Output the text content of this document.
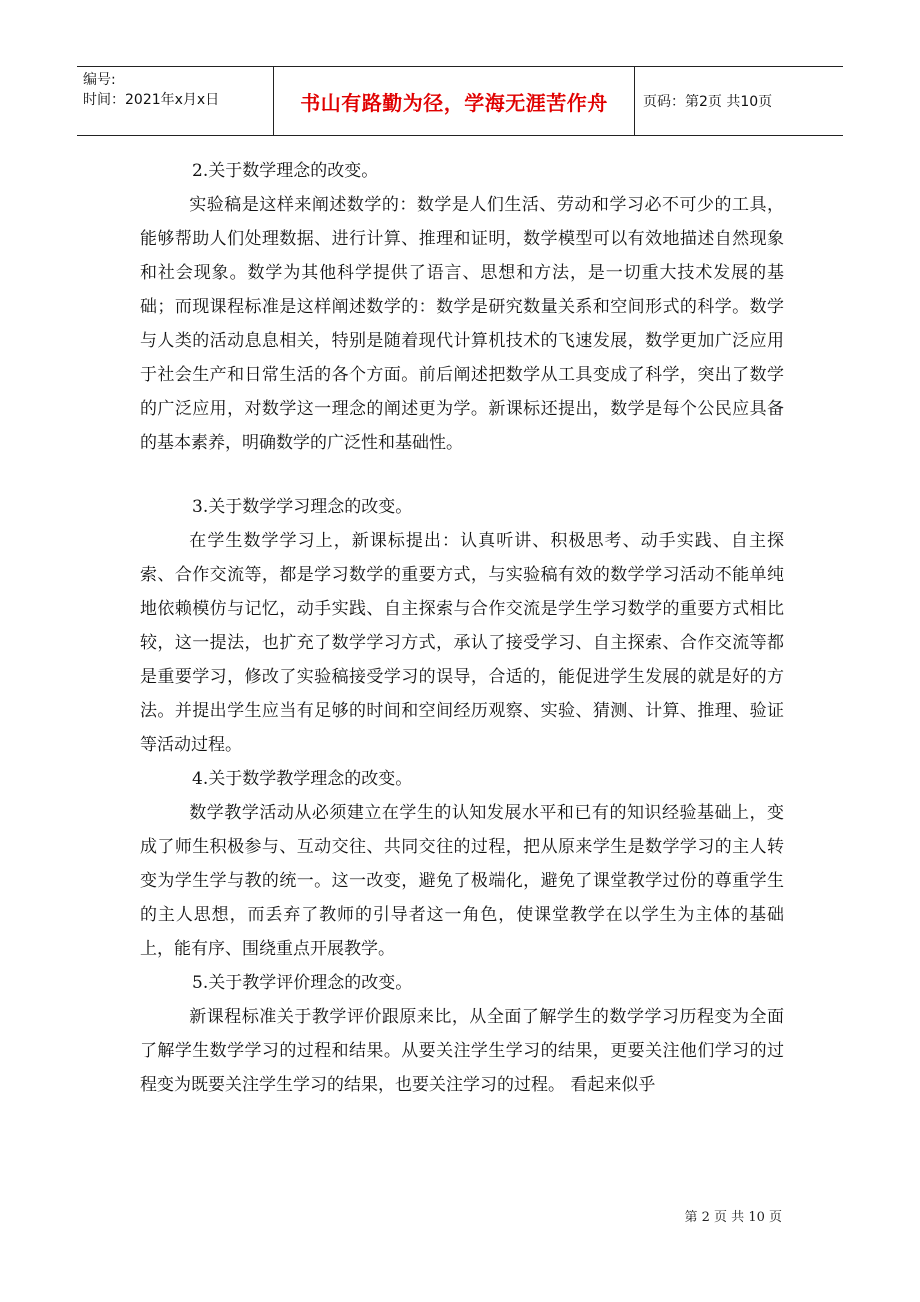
编号:
时间：2021年x月x日	书山有路勤为径，学海无涯苦作舟	页码：第2页 共10页

2.关于数学理念的改变。

实验稿是这样来阐述数学的：数学是人们生活、劳动和学习必不可少的工具，能够帮助人们处理数据、进行计算、推理和证明，数学模型可以有效地描述自然现象和社会现象。数学为其他科学提供了语言、思想和方法，是一切重大技术发展的基础；而现课程标准是这样阐述数学的：数学是研究数量关系和空间形式的科学。数学与人类的活动息息相关，特别是随着现代计算机技术的飞速发展，数学更加广泛应用于社会生产和日常生活的各个方面。前后阐述把数学从工具变成了科学，突出了数学的广泛应用，对数学这一理念的阐述更为学。新课标还提出，数学是每个公民应具备的基本素养，明确数学的广泛性和基础性。

3.关于数学学习理念的改变。

在学生数学学习上，新课标提出：认真听讲、积极思考、动手实践、自主探索、合作交流等，都是学习数学的重要方式，与实验稿有效的数学学习活动不能单纯地依赖模仿与记忆，动手实践、自主探索与合作交流是学生学习数学的重要方式相比较，这一提法，也扩充了数学学习方式，承认了接受学习、自主探索、合作交流等都是重要学习，修改了实验稿接受学习的误导，合适的，能促进学生发展的就是好的方法。并提出学生应当有足够的时间和空间经历观察、实验、猜测、计算、推理、验证等活动过程。

4.关于数学教学理念的改变。

数学教学活动从必须建立在学生的认知发展水平和已有的知识经验基础上，变成了师生积极参与、互动交往、共同交往的过程，把从原来学生是数学学习的主人转变为学生学与教的统一。这一改变，避免了极端化，避免了课堂教学过份的尊重学生的主人思想，而丢弃了教师的引导者这一角色，使课堂教学在以学生为主体的基础上，能有序、围绕重点开展教学。

5.关于教学评价理念的改变。

新课程标准关于教学评价跟原来比，从全面了解学生的数学学习历程变为全面了解学生数学学习的过程和结果。从要关注学生学习的结果，更要关注他们学习的过程变为既要关注学生学习的结果，也要关注学习的过程。 看起来似乎

第 2 页 共 10 页
